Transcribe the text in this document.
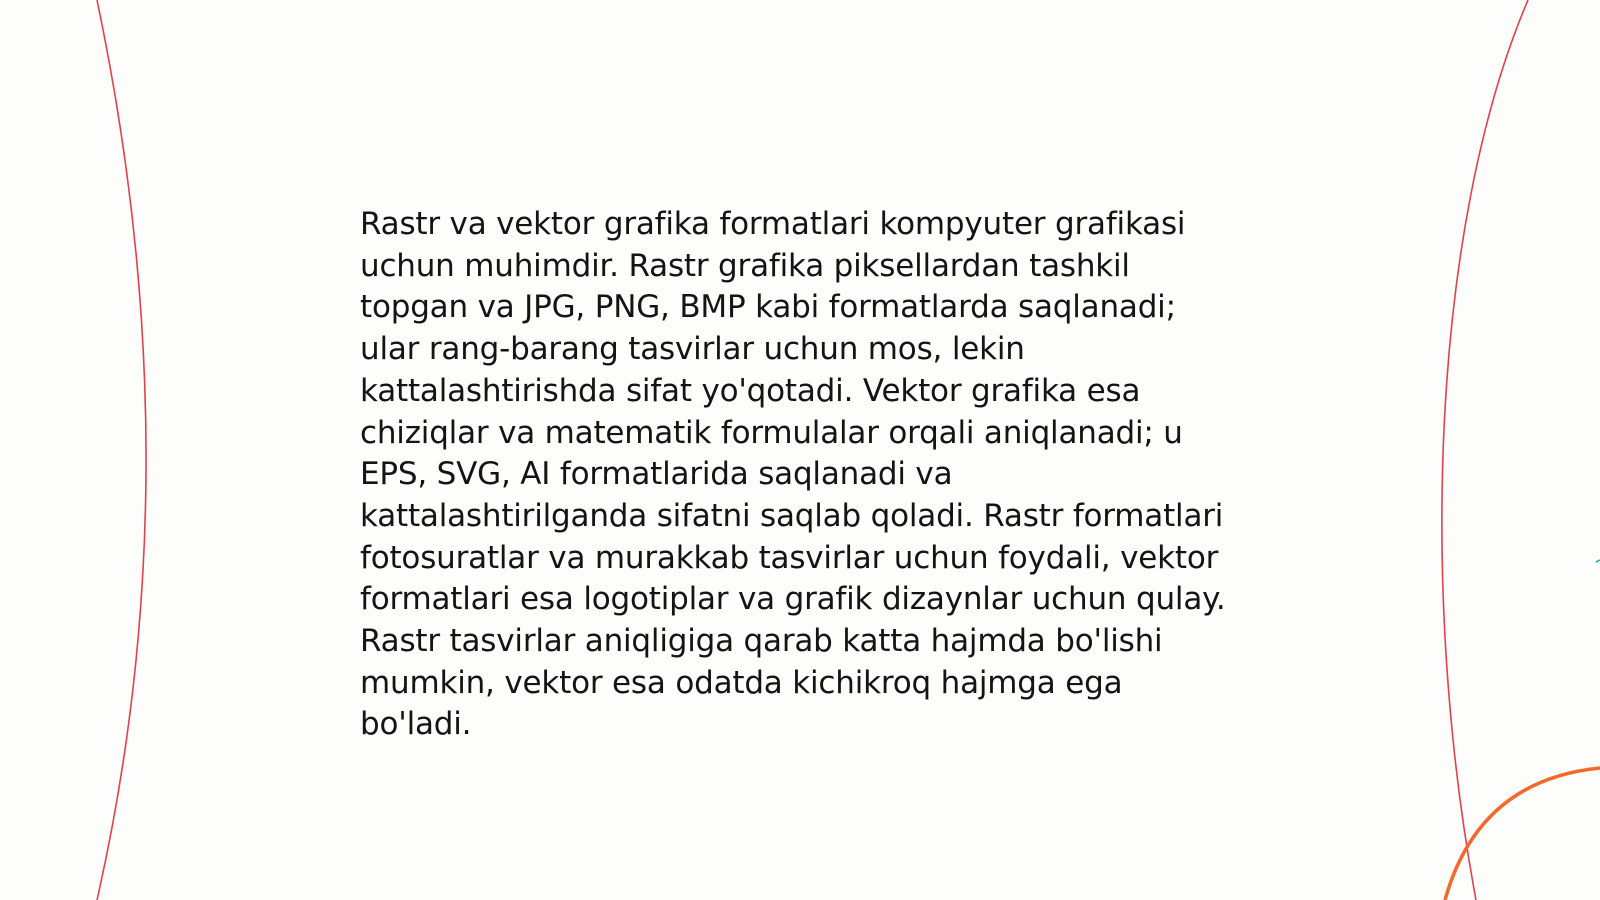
Rastr va vektor grafika formatlari kompyuter grafikasi uchun muhimdir. Rastr grafika piksellardan tashkil topgan va JPG, PNG, BMP kabi formatlarda saqlanadi; ular rang-barang tasvirlar uchun mos, lekin kattalashtirishda sifat yo'qotadi. Vektor grafika esa chiziqlar va matematik formulalar orqali aniqlanadi; u EPS, SVG, AI formatlarida saqlanadi va kattalashtirilganda sifatni saqlab qoladi. Rastr formatlari fotosuratlar va murakkab tasvirlar uchun foydali, vektor formatlari esa logotiplar va grafik dizaynlar uchun qulay. Rastr tasvirlar aniqligiga qarab katta hajmda bo'lishi mumkin, vektor esa odatda kichikroq hajmga ega bo'ladi.
